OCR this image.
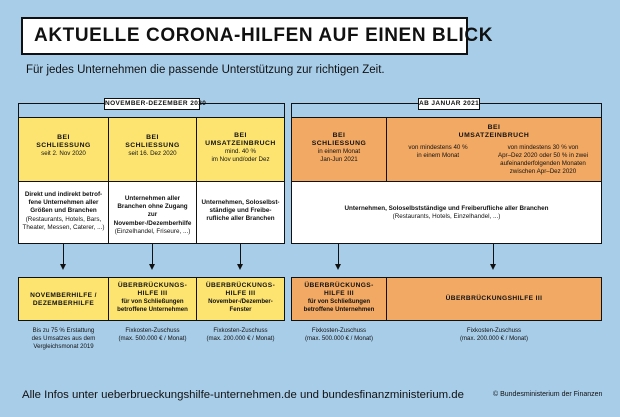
AKTUELLE CORONA-HILFEN AUF EINEN BLICK
Für jedes Unternehmen die passende Unterstützung zur richtigen Zeit.
NOVEMBER-DEZEMBER 2020	AB JANUAR 2021
BEI
SCHLIESSUNG
seit 2. Nov 2020
BEI
SCHLIESSUNG
seit 16. Dez 2020
BEI
UMSATZEINBRUCH
mind. 40 %
im Nov und/oder Dez
BEI
SCHLIESSUNG
in einem Monat
Jan-Jun 2021
BEI
UMSATZEINBRUCH
von mindestens 40 %
in einem Monat
von mindestens 30 % von
Apr–Dez 2020 oder 50 % in zwei
aufeinanderfolgenden Monaten
zwischen Apr–Dez 2020
Direkt und indirekt betrof-
fene Unternehmen aller
Größen und Branchen
(Restaurants, Hotels, Bars,
Theater, Messen, Caterer, ...)
Unternehmen aller
Branchen ohne Zugang zur
November-/Dezemberhilfe
(Einzelhandel, Friseure, ...)
Unternehmen, Soloselbst-
ständige und Freibe-
rufliche aller Branchen
Unternehmen, Soloselbstständige und Freiberufliche aller Branchen
(Restaurants, Hotels, Einzelhandel, ...)
NOVEMBERHILFE /
DEZEMBERHILFE
ÜBERBRÜCKUNGS-
HILFE III
für von Schließungen
betroffene Unternehmen
ÜBERBRÜCKUNGS-
HILFE III
November-/Dezember-
Fenster
ÜBERBRÜCKUNGS-
HILFE III
für von Schließungen
betroffene Unternehmen
ÜBERBRÜCKUNGSHILFE III
Bis zu 75 % Erstattung
des Umsatzes aus dem
Vergleichsmonat 2019
Fixkosten-Zuschuss
(max. 500.000 € / Monat)
Fixkosten-Zuschuss
(max. 200.000 € / Monat)
Fixkosten-Zuschuss
(max. 500.000 € / Monat)
Fixkosten-Zuschuss
(max. 200.000 € / Monat)
Alle Infos unter ueberbrueckungshilfe-unternehmen.de und bundesfinanzministerium.de	© Bundesministerium der Finanzen
